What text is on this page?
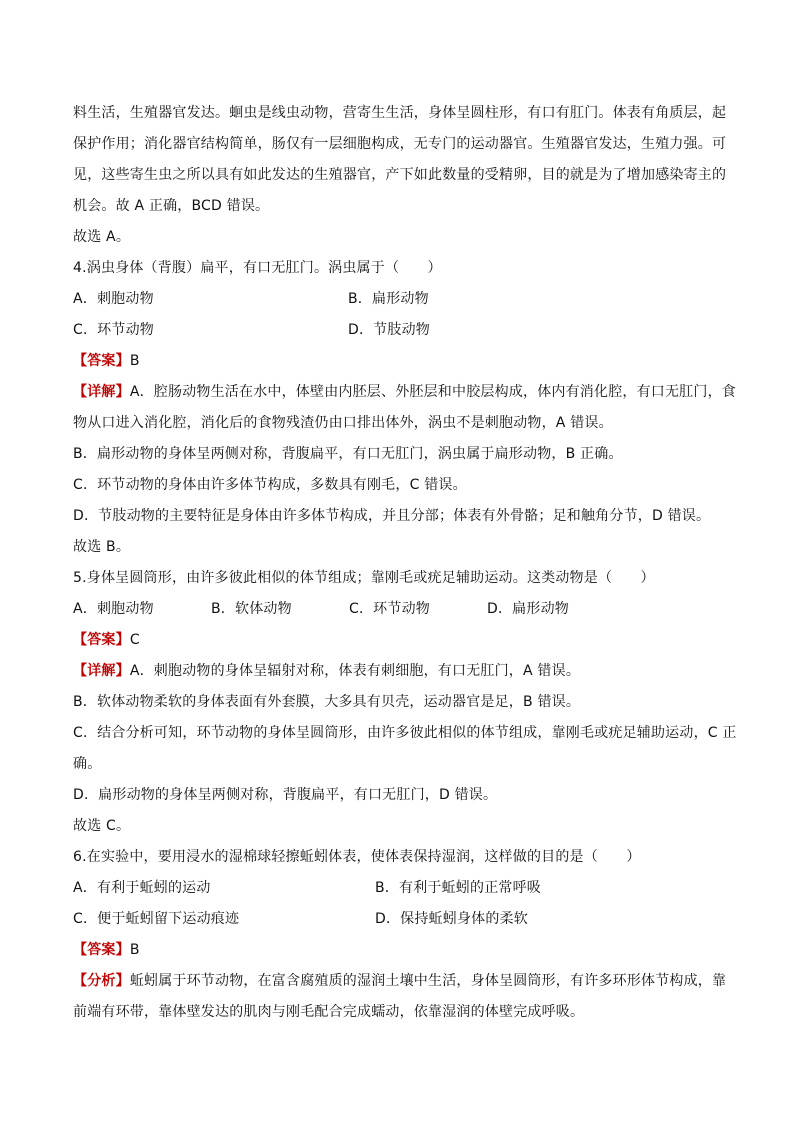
料生活，生殖器官发达。蛔虫是线虫动物，营寄生生活，身体呈圆柱形，有口有肛门。体表有角质层，起
保护作用；消化器官结构简单，肠仅有一层细胞构成，无专门的运动器官。生殖器官发达，生殖力强。可
见，这些寄生虫之所以具有如此发达的生殖器官，产下如此数量的受精卵，目的就是为了增加感染寄主的
机会。故 A 正确，BCD 错误。
故选 A。
4.涡虫身体（背腹）扁平，有口无肛门。涡虫属于（　　）
A．刺胞动物	B．扁形动物
C．环节动物	D．节肢动物
【答案】B
【详解】A．腔肠动物生活在水中，体壁由内胚层、外胚层和中胶层构成，体内有消化腔，有口无肛门，食
物从口进入消化腔，消化后的食物残渣仍由口排出体外，涡虫不是刺胞动物，A 错误。
B．扁形动物的身体呈两侧对称，背腹扁平，有口无肛门，涡虫属于扁形动物，B 正确。
C．环节动物的身体由许多体节构成，多数具有刚毛，C 错误。
D．节肢动物的主要特征是身体由许多体节构成，并且分部；体表有外骨骼；足和触角分节，D 错误。
故选 B。
5.身体呈圆筒形，由许多彼此相似的体节组成；靠刚毛或疣足辅助运动。这类动物是（　　）
A．刺胞动物	B．软体动物	C．环节动物	D．扁形动物
【答案】C
【详解】A．刺胞动物的身体呈辐射对称，体表有刺细胞，有口无肛门，A 错误。
B．软体动物柔软的身体表面有外套膜，大多具有贝壳，运动器官是足，B 错误。
C．结合分析可知，环节动物的身体呈圆筒形，由许多彼此相似的体节组成，靠刚毛或疣足辅助运动，C 正
确。
D．扁形动物的身体呈两侧对称，背腹扁平，有口无肛门，D 错误。
故选 C。
6.在实验中，要用浸水的湿棉球轻擦蚯蚓体表，使体表保持湿润，这样做的目的是（　　）
A．有利于蚯蚓的运动	B．有利于蚯蚓的正常呼吸
C．便于蚯蚓留下运动痕迹	D．保持蚯蚓身体的柔软
【答案】B
【分析】蚯蚓属于环节动物，在富含腐殖质的湿润土壤中生活，身体呈圆筒形，有许多环形体节构成，靠
前端有环带，靠体壁发达的肌肉与刚毛配合完成蠕动，依靠湿润的体壁完成呼吸。
